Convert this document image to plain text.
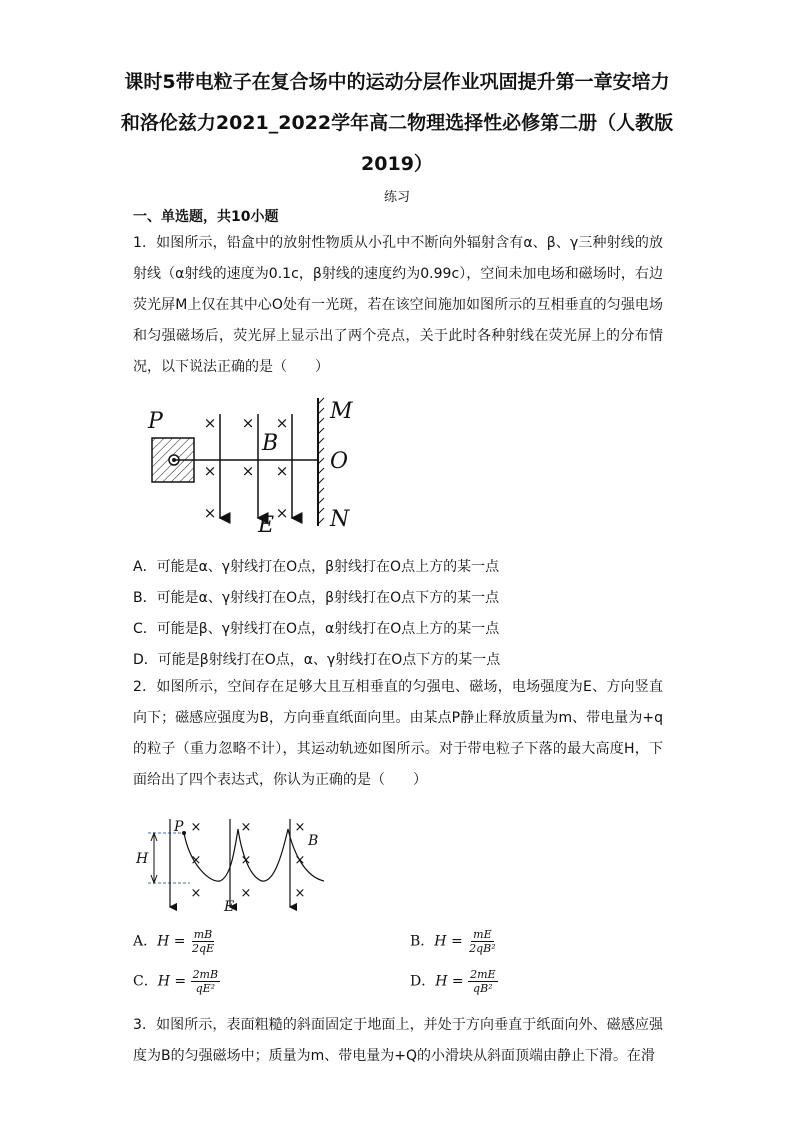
课时5带电粒子在复合场中的运动分层作业巩固提升第一章安培力和洛伦兹力2021_2022学年高二物理选择性必修第二册（人教版2019）
练习
一、单选题，共10小题
1．如图所示，铅盒中的放射性物质从小孔中不断向外辐射含有α、β、γ三种射线的放射线（α射线的速度为0.1c，β射线的速度约为0.99c），空间未加电场和磁场时，右边荧光屏M上仅在其中心O处有一光斑，若在该空间施加如图所示的互相垂直的匀强电场和匀强磁场后，荧光屏上显示出了两个亮点，关于此时各种射线在荧光屏上的分布情况，以下说法正确的是（　　）
× × ×
× × ×
×	×
P
B
E
M
O
N
A．可能是α、γ射线打在O点，β射线打在O点上方的某一点
B．可能是α、γ射线打在O点，β射线打在O点下方的某一点
C．可能是β、γ射线打在O点，α射线打在O点上方的某一点
D．可能是β射线打在O点，α、γ射线打在O点下方的某一点
2．如图所示，空间存在足够大且互相垂直的匀强电、磁场，电场强度为E、方向竖直向下；磁感应强度为B，方向垂直纸面向里。由某点P静止释放质量为m、带电量为+q的粒子（重力忽略不计），其运动轨迹如图所示。对于带电粒子下落的最大高度H，下面给出了四个表达式，你认为正确的是（　　）
×	×	×
×	×	×
×	×	×
P
H
E
B
A．$H = \frac{mB}{2qE}$	B．$H = \frac{mE}{\text{2qB²}}$
C．$H = \frac{2mB}{\text{qE²}}$	D．$H = \frac{2mE}{\text{qB²}}$
3．如图所示，表面粗糙的斜面固定于地面上，并处于方向垂直于纸面向外、磁感应强度为B的匀强磁场中；质量为m、带电量为+Q的小滑块从斜面顶端由静止下滑。在滑
